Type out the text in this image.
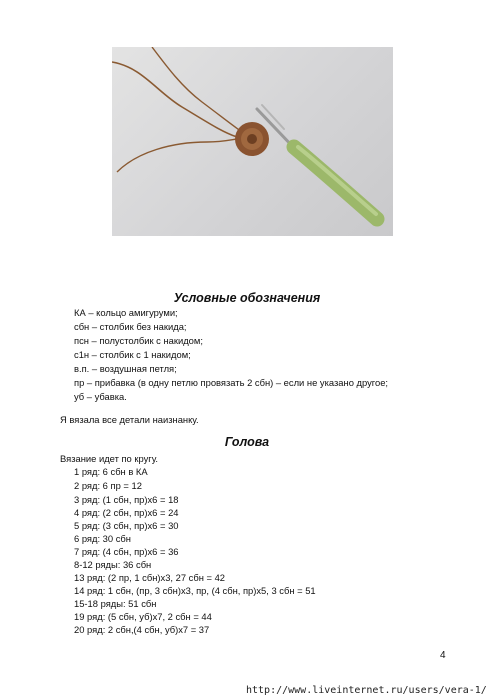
Условные обозначения
КА – кольцо амигуруми;
сбн – столбик без накида;
псн – полустолбик с накидом;
с1н – столбик с 1 накидом;
в.п. – воздушная петля;
пр – прибавка (в одну петлю провязать 2 сбн) – если не указано другое;
уб – убавка.
Я вязала все детали наизнанку.
Голова
Вязание идет по кругу.
1 ряд: 6 сбн в КА
2 ряд: 6 пр = 12
3 ряд: (1 сбн, пр)х6 = 18
4 ряд: (2 сбн, пр)х6 = 24
5 ряд: (3 сбн, пр)х6 = 30
6 ряд: 30 сбн
7 ряд: (4 сбн, пр)х6 = 36
8-12 ряды: 36 сбн
13 ряд: (2 пр, 1 сбн)х3, 27 сбн = 42
14 ряд: 1 сбн, (пр, 3 сбн)х3, пр, (4 сбн, пр)х5, 3 сбн = 51
15-18 ряды: 51 сбн
19 ряд: (5 сбн, уб)х7, 2 сбн = 44
20 ряд: 2 сбн,(4 сбн, уб)х7 = 37
4
http://www.liveinternet.ru/users/vera-1/
